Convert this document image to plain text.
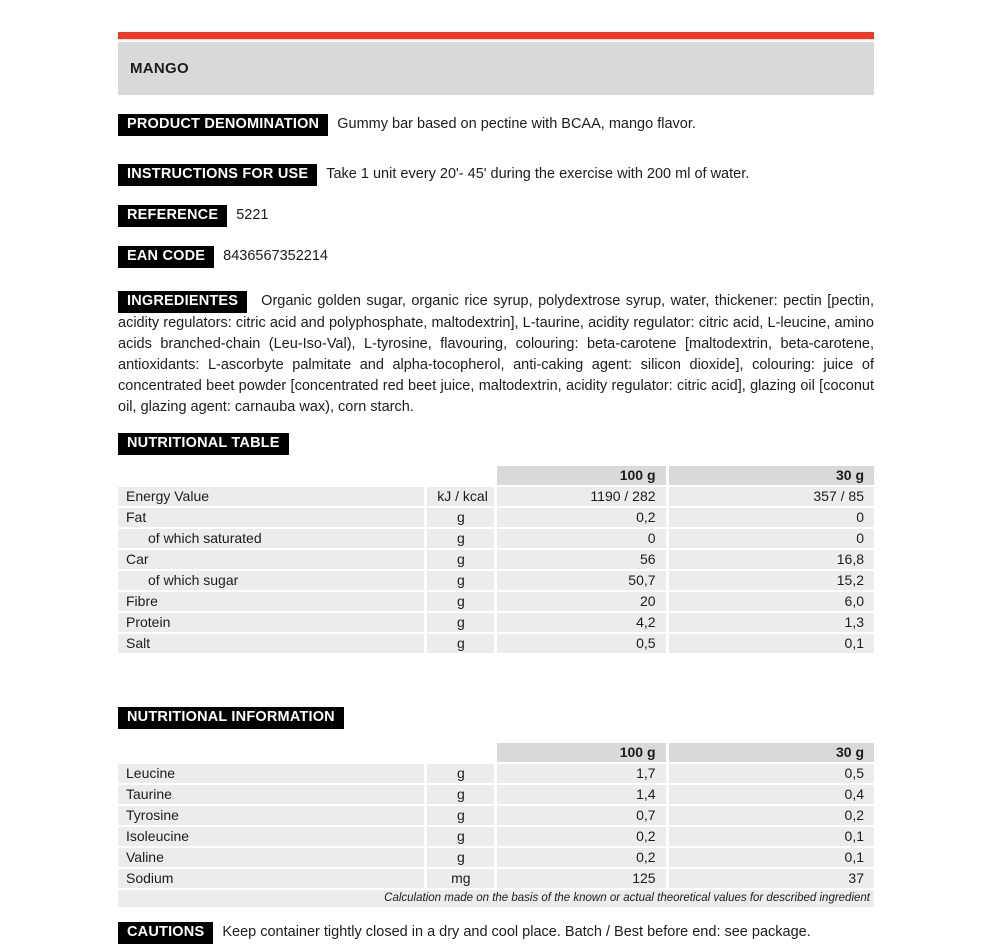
MANGO
PRODUCT DENOMINATION Gummy bar based on pectine with BCAA, mango flavor.
INSTRUCTIONS FOR USE Take 1 unit every 20'- 45' during the exercise with 200 ml of water.
REFERENCE 5221
EAN CODE 8436567352214

INGREDIENTES Organic golden sugar, organic rice syrup, polydextrose syrup, water, thickener: pectin [pectin, acidity regulators: citric acid and polyphosphate, maltodextrin], L-taurine, acidity regulator: citric acid, L-leucine, amino acids branched-chain (Leu-Iso-Val), L-tyrosine, flavouring, colouring: beta-carotene [maltodextrin, beta-carotene, antioxidants: L-ascorbyte palmitate and alpha-tocopherol, anti-caking agent: silicon dioxide], colouring: juice of concentrated beet powder [concentrated red beet juice, maltodextrin, acidity regulator: citric acid], glazing oil [coconut oil, glazing agent: carnauba wax), corn starch.

NUTRITIONAL TABLE
		100 g	30 g
Energy Value	kJ / kcal	1190 / 282	357 / 85
Fat	g	0,2	0
of which saturated	g	0	0
Car	g	56	16,8
of which sugar	g	50,7	15,2
Fibre	g	20	6,0
Protein	g	4,2	1,3
Salt	g	0,5	0,1
NUTRITIONAL INFORMATION
		100 g	30 g
Leucine	g	1,7	0,5
Taurine	g	1,4	0,4
Tyrosine	g	0,7	0,2
Isoleucine	g	0,2	0,1
Valine	g	0,2	0,1
Sodium	mg	125	37
Calculation made on the basis of the known or actual theoretical values for described ingredient			
CAUTIONS Keep container tightly closed in a dry and cool place. Batch / Best before end: see package.
